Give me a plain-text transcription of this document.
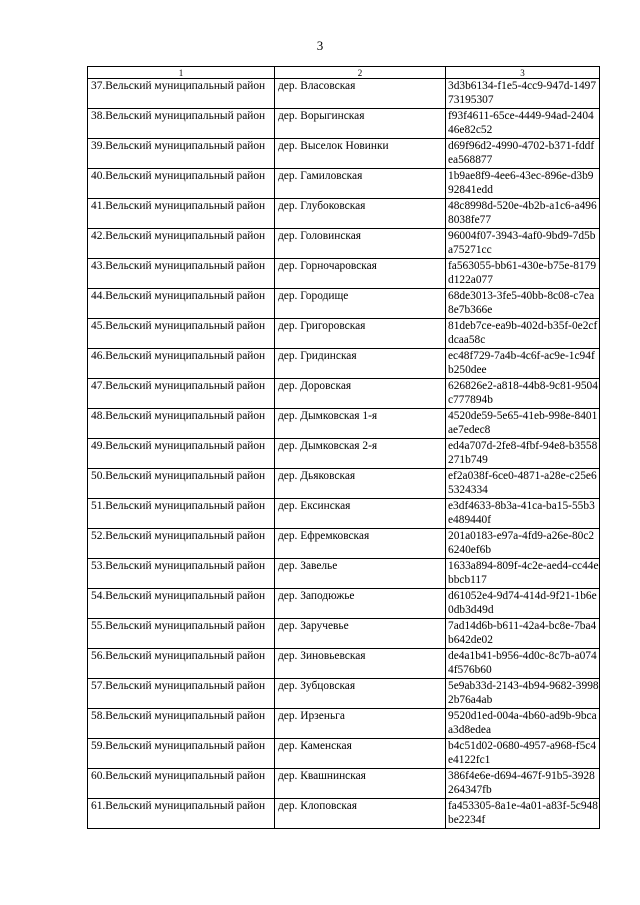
3
1	2	3
37.Вельский муниципальный район	дер. Власовская	3d3b6134-f1e5-4cc9-947d-149773195307
38.Вельский муниципальный район	дер. Ворыгинская	f93f4611-65ce-4449-94ad-240446e82c52
39.Вельский муниципальный район	дер. Выселок Новинки	d69f96d2-4990-4702-b371-fddfea568877
40.Вельский муниципальный район	дер. Гамиловская	1b9ae8f9-4ee6-43ec-896e-d3b992841edd
41.Вельский муниципальный район	дер. Глубоковская	48c8998d-520e-4b2b-a1c6-a4968038fe77
42.Вельский муниципальный район	дер. Головинская	96004f07-3943-4af0-9bd9-7d5ba75271cc
43.Вельский муниципальный район	дер. Горночаровская	fa563055-bb61-430e-b75e-8179d122a077
44.Вельский муниципальный район	дер. Городище	68de3013-3fe5-40bb-8c08-c7ea8e7b366e
45.Вельский муниципальный район	дер. Григоровская	81deb7ce-ea9b-402d-b35f-0e2cfdcaa58c
46.Вельский муниципальный район	дер. Гридинская	ec48f729-7a4b-4c6f-ac9e-1c94fb250dee
47.Вельский муниципальный район	дер. Доровская	626826e2-a818-44b8-9c81-9504c777894b
48.Вельский муниципальный район	дер. Дымковская 1-я	4520de59-5e65-41eb-998e-8401ae7edec8
49.Вельский муниципальный район	дер. Дымковская 2-я	ed4a707d-2fe8-4fbf-94e8-b3558271b749
50.Вельский муниципальный район	дер. Дьяковская	ef2a038f-6ce0-4871-a28e-c25e65324334
51.Вельский муниципальный район	дер. Ексинская	e3df4633-8b3a-41ca-ba15-55b3e489440f
52.Вельский муниципальный район	дер. Ефремковская	201a0183-e97a-4fd9-a26e-80c26240ef6b
53.Вельский муниципальный район	дер. Завелье	1633a894-809f-4c2e-aed4-cc44ebbcb117
54.Вельский муниципальный район	дер. Заподюжье	d61052e4-9d74-414d-9f21-1b6e0db3d49d
55.Вельский муниципальный район	дер. Заручевье	7ad14d6b-b611-42a4-bc8e-7ba4b642de02
56.Вельский муниципальный район	дер. Зиновьевская	de4a1b41-b956-4d0c-8c7b-a0744f576b60
57.Вельский муниципальный район	дер. Зубцовская	5e9ab33d-2143-4b94-9682-39982b76a4ab
58.Вельский муниципальный район	дер. Ирзеньга	9520d1ed-004a-4b60-ad9b-9bcaa3d8edea
59.Вельский муниципальный район	дер. Каменская	b4c51d02-0680-4957-a968-f5c4e4122fc1
60.Вельский муниципальный район	дер. Квашнинская	386f4e6e-d694-467f-91b5-3928264347fb
61.Вельский муниципальный район	дер. Клоповская	fa453305-8a1e-4a01-a83f-5c948be2234f
